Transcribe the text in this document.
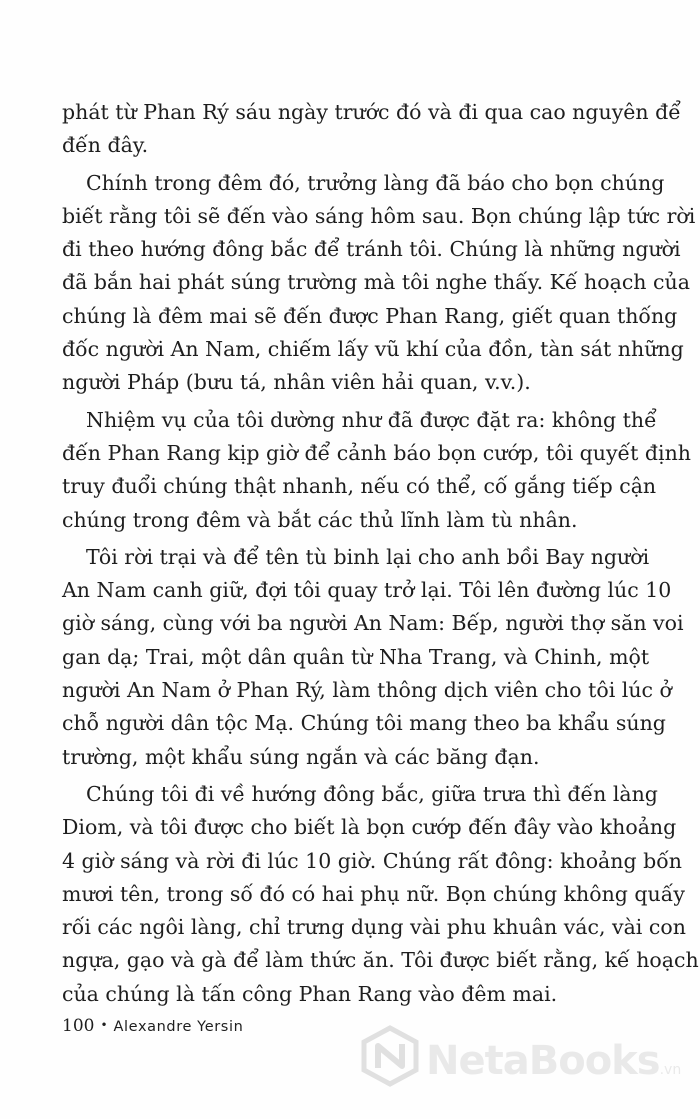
phát từ Phan Rý sáu ngày trước đó và đi qua cao nguyên để
đến đây.
Chính trong đêm đó, trưởng làng đã báo cho bọn chúng
biết rằng tôi sẽ đến vào sáng hôm sau. Bọn chúng lập tức rời
đi theo hướng đông bắc để tránh tôi. Chúng là những người
đã bắn hai phát súng trường mà tôi nghe thấy. Kế hoạch của
chúng là đêm mai sẽ đến được Phan Rang, giết quan thống
đốc người An Nam, chiếm lấy vũ khí của đồn, tàn sát những
người Pháp (bưu tá, nhân viên hải quan, v.v.).
Nhiệm vụ của tôi dường như đã được đặt ra: không thể
đến Phan Rang kịp giờ để cảnh báo bọn cướp, tôi quyết định
truy đuổi chúng thật nhanh, nếu có thể, cố gắng tiếp cận
chúng trong đêm và bắt các thủ lĩnh làm tù nhân.
Tôi rời trại và để tên tù binh lại cho anh bồi Bay người
An Nam canh giữ, đợi tôi quay trở lại. Tôi lên đường lúc 10
giờ sáng, cùng với ba người An Nam: Bếp, người thợ săn voi
gan dạ; Trai, một dân quân từ Nha Trang, và Chinh, một
người An Nam ở Phan Rý, làm thông dịch viên cho tôi lúc ở
chỗ người dân tộc Mạ. Chúng tôi mang theo ba khẩu súng
trường, một khẩu súng ngắn và các băng đạn.
Chúng tôi đi về hướng đông bắc, giữa trưa thì đến làng
Diom, và tôi được cho biết là bọn cướp đến đây vào khoảng
4 giờ sáng và rời đi lúc 10 giờ. Chúng rất đông: khoảng bốn
mươi tên, trong số đó có hai phụ nữ. Bọn chúng không quấy
rối các ngôi làng, chỉ trưng dụng vài phu khuân vác, vài con
ngựa, gạo và gà để làm thức ăn. Tôi được biết rằng, kế hoạch
của chúng là tấn công Phan Rang vào đêm mai.
100 • Alexandre Yersin
NetaBooks.vn
